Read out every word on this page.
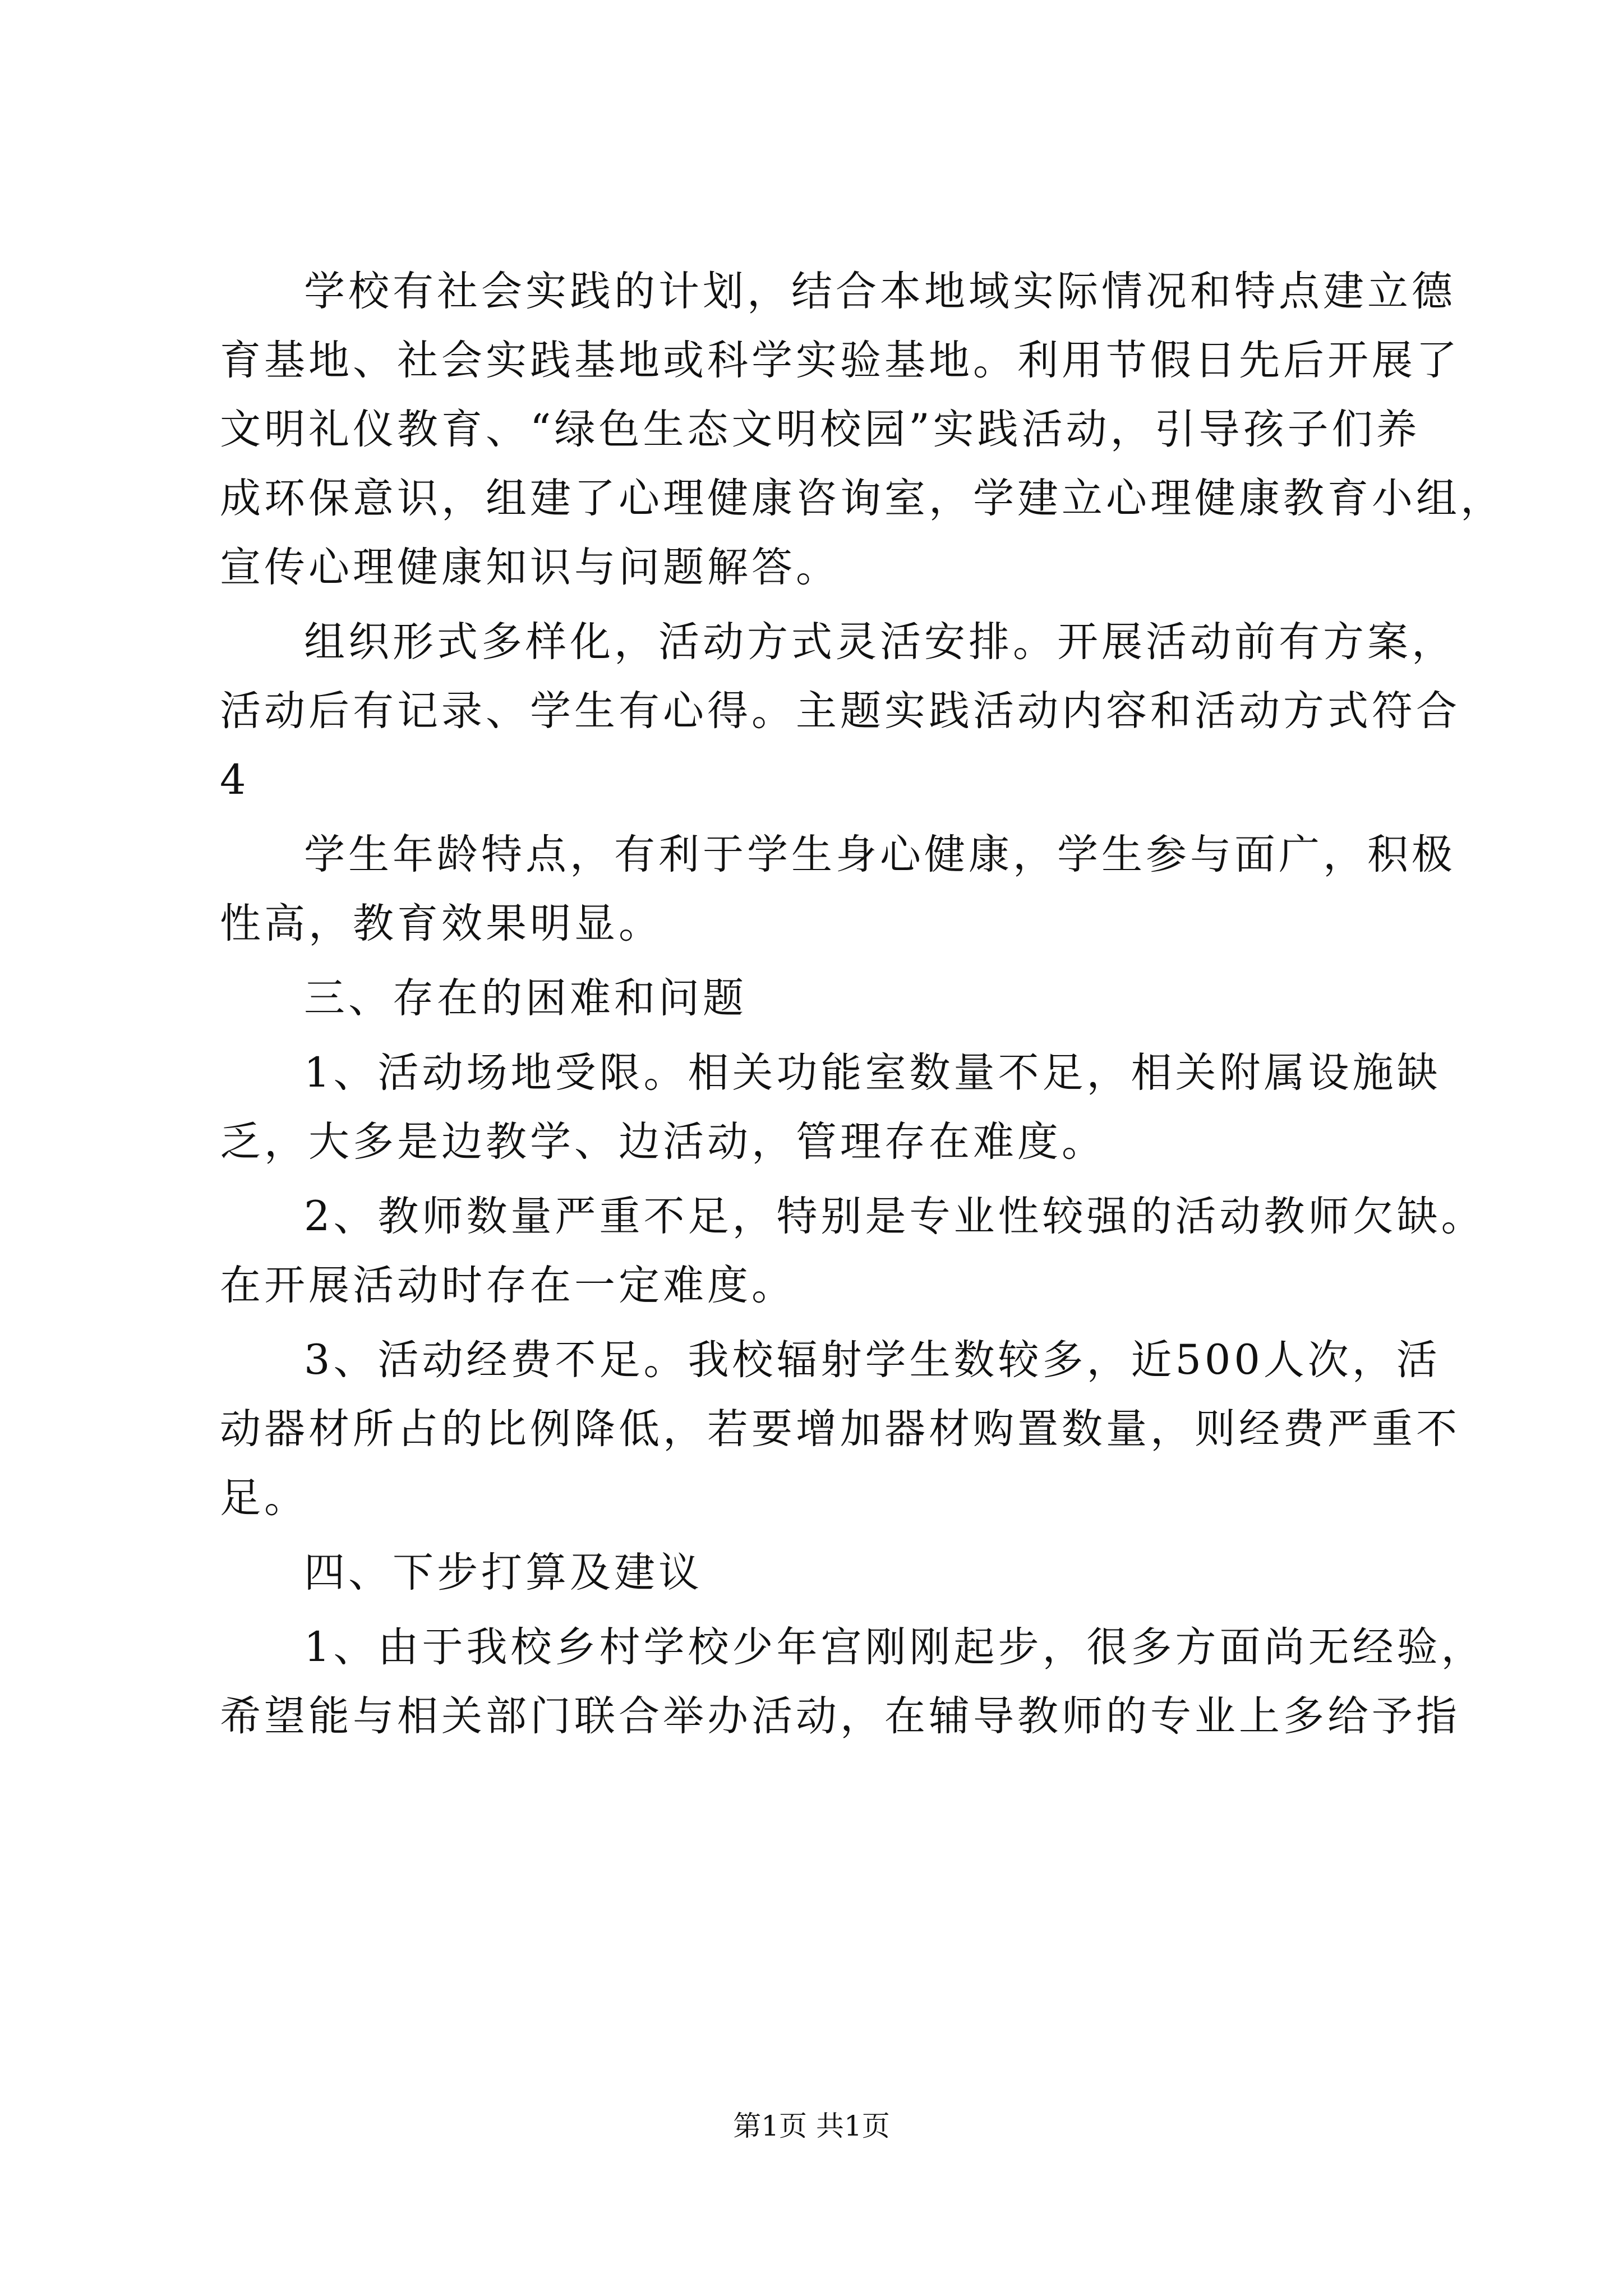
学校有社会实践的计划，结合本地域实际情况和特点建立德
育基地、社会实践基地或科学实验基地。利用节假日先后开展了
文明礼仪教育、“绿色生态文明校园”实践活动，引导孩子们养
成环保意识，组建了心理健康咨询室，学建立心理健康教育小组，
宣传心理健康知识与问题解答。
组织形式多样化，活动方式灵活安排。开展活动前有方案，
活动后有记录、学生有心得。主题实践活动内容和活动方式符合
4
学生年龄特点，有利于学生身心健康，学生参与面广，积极
性高，教育效果明显。
三、存在的困难和问题
1、活动场地受限。相关功能室数量不足，相关附属设施缺
乏，大多是边教学、边活动，管理存在难度。
2、教师数量严重不足，特别是专业性较强的活动教师欠缺。
在开展活动时存在一定难度。
3、活动经费不足。我校辐射学生数较多，近500人次，活
动器材所占的比例降低，若要增加器材购置数量，则经费严重不
足。
四、下步打算及建议
1、由于我校乡村学校少年宫刚刚起步，很多方面尚无经验，
希望能与相关部门联合举办活动，在辅导教师的专业上多给予指
第1页 共1页
